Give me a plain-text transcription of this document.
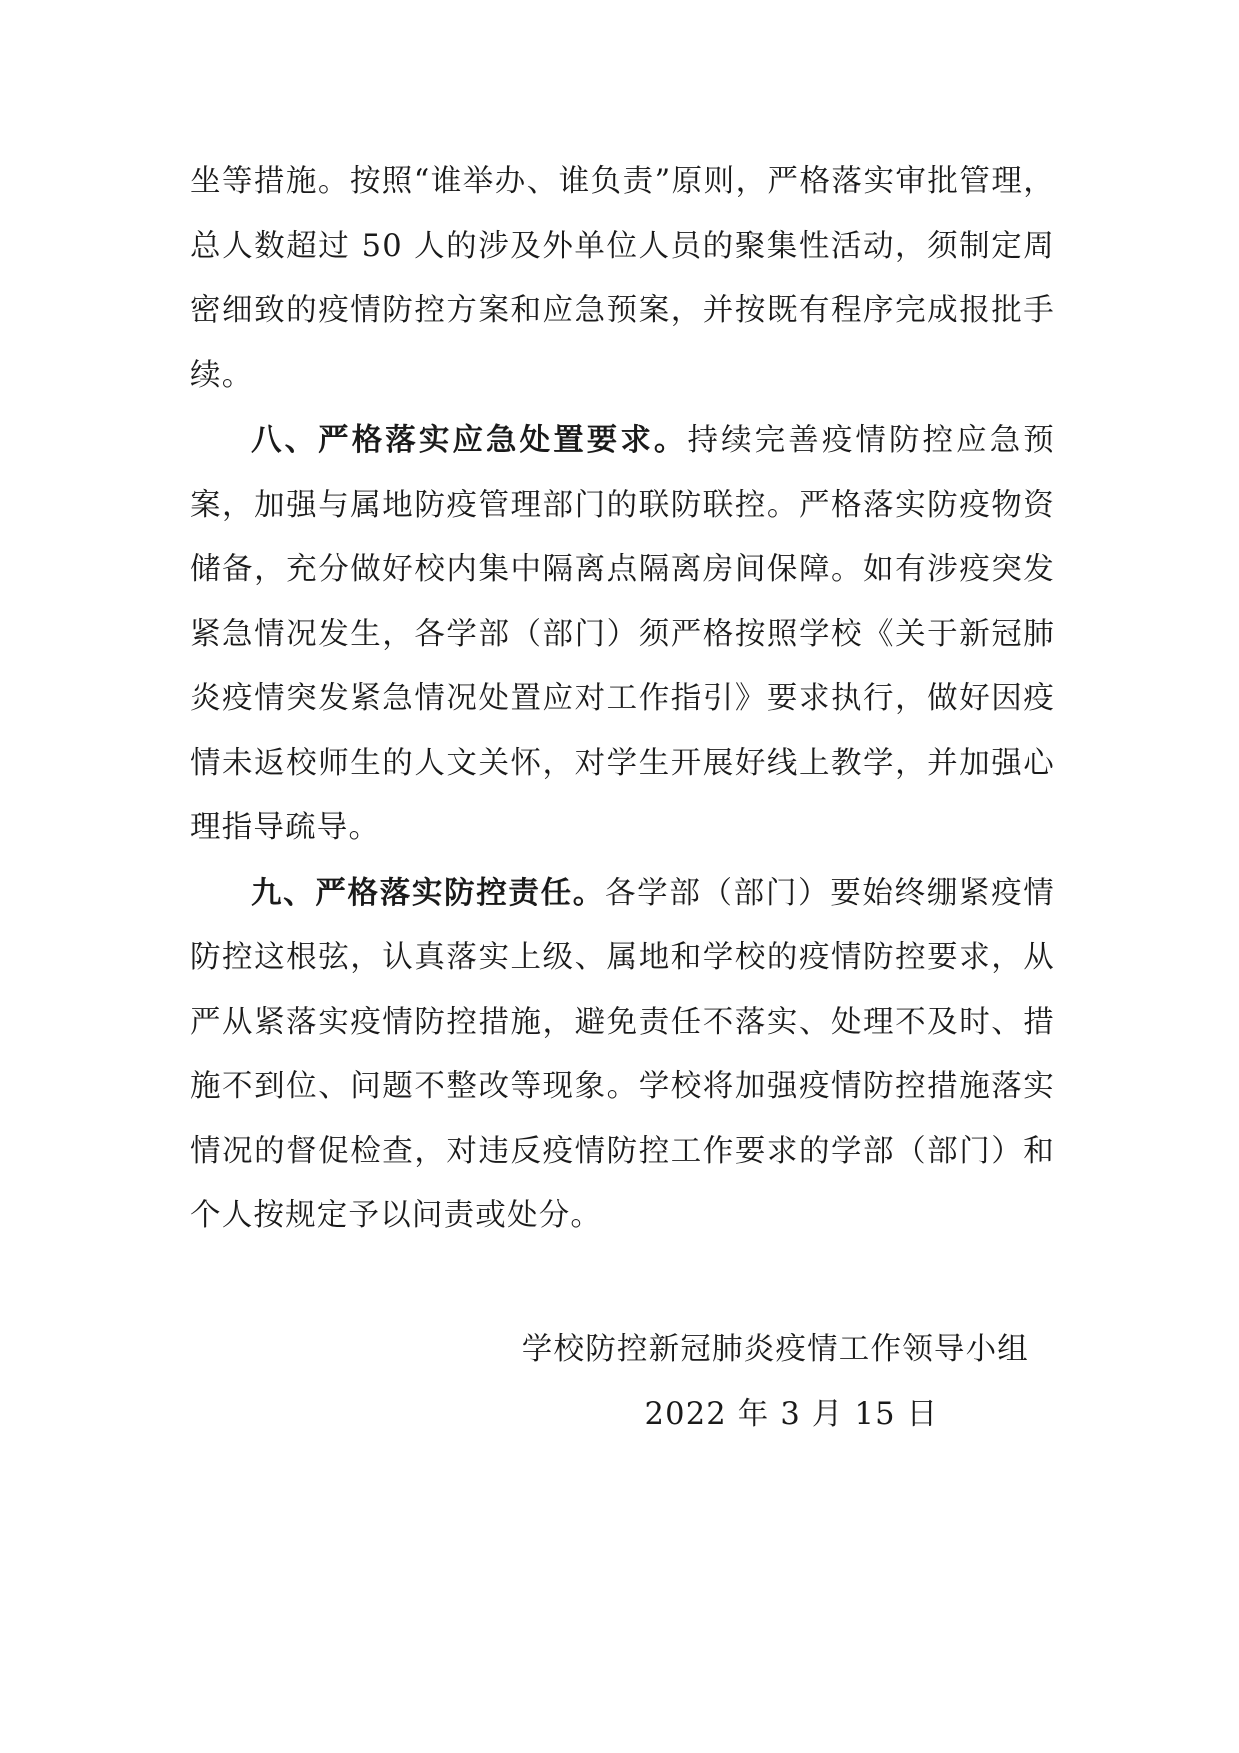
坐等措施。按照“谁举办、谁负责”原则，严格落实审批管理，总人数超过 50 人的涉及外单位人员的聚集性活动，须制定周密细致的疫情防控方案和应急预案，并按既有程序完成报批手续。

八、严格落实应急处置要求。持续完善疫情防控应急预案，加强与属地防疫管理部门的联防联控。严格落实防疫物资储备，充分做好校内集中隔离点隔离房间保障。如有涉疫突发紧急情况发生，各学部（部门）须严格按照学校《关于新冠肺炎疫情突发紧急情况处置应对工作指引》要求执行，做好因疫情未返校师生的人文关怀，对学生开展好线上教学，并加强心理指导疏导。

九、严格落实防控责任。各学部（部门）要始终绷紧疫情防控这根弦，认真落实上级、属地和学校的疫情防控要求，从严从紧落实疫情防控措施，避免责任不落实、处理不及时、措施不到位、问题不整改等现象。学校将加强疫情防控措施落实情况的督促检查，对违反疫情防控工作要求的学部（部门）和个人按规定予以问责或处分。

学校防控新冠肺炎疫情工作领导小组
2022 年 3 月 15 日
